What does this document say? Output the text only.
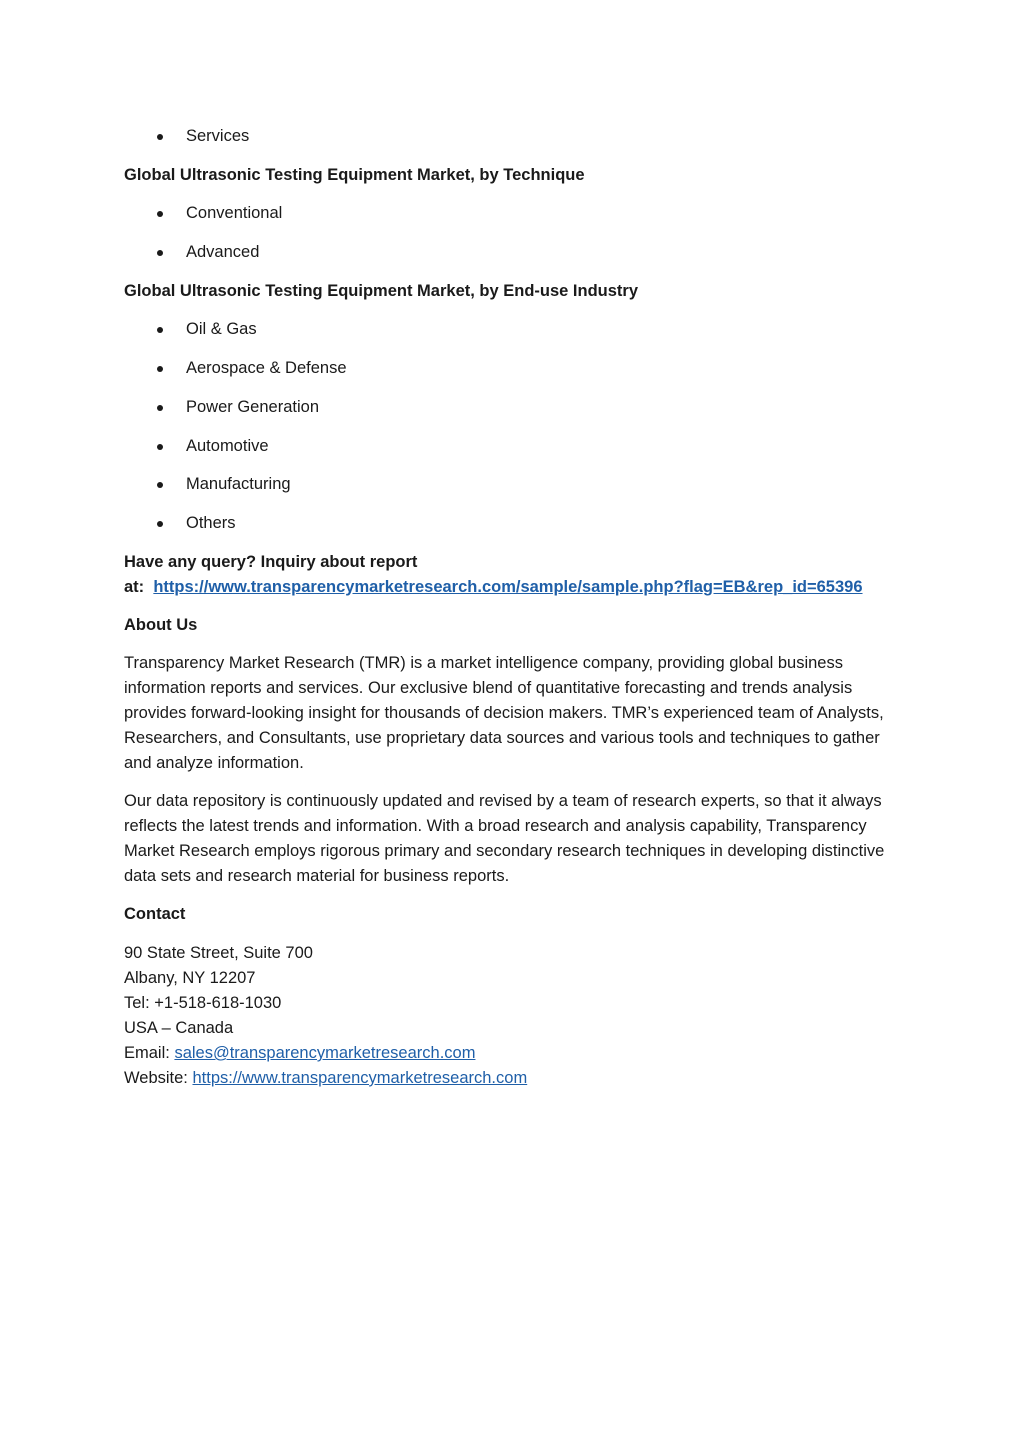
Services
Global Ultrasonic Testing Equipment Market, by Technique
Conventional
Advanced
Global Ultrasonic Testing Equipment Market, by End-use Industry
Oil & Gas
Aerospace & Defense
Power Generation
Automotive
Manufacturing
Others
Have any query? Inquiry about report
at: https://www.transparencymarketresearch.com/sample/sample.php?flag=EB&rep_id=65396
About Us

Transparency Market Research (TMR) is a market intelligence company, providing global business information reports and services. Our exclusive blend of quantitative forecasting and trends analysis provides forward-looking insight for thousands of decision makers. TMR’s experienced team of Analysts, Researchers, and Consultants, use proprietary data sources and various tools and techniques to gather and analyze information.

Our data repository is continuously updated and revised by a team of research experts, so that it always reflects the latest trends and information. With a broad research and analysis capability, Transparency Market Research employs rigorous primary and secondary research techniques in developing distinctive data sets and research material for business reports.

Contact
90 State Street, Suite 700
Albany, NY 12207
Tel: +1-518-618-1030
USA – Canada
Email: sales@transparencymarketresearch.com
Website: https://www.transparencymarketresearch.com
